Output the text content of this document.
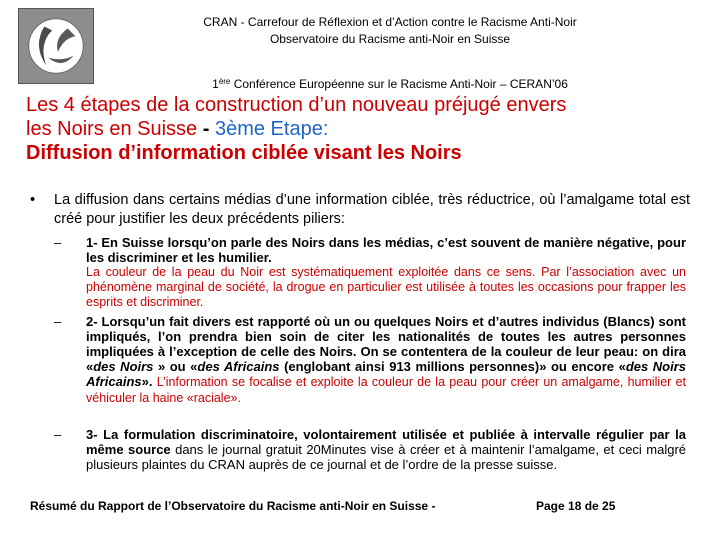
CRAN - Carrefour de Réflexion et d’Action contre le Racisme Anti-Noir
Observatoire du Racisme anti-Noir en Suisse
1ère Conférence Européenne sur le Racisme Anti-Noir – CERAN’06
Les 4 étapes de la construction d’un nouveau préjugé envers
les Noirs en Suisse - 3ème Etape:
Diffusion d’information ciblée visant les Noirs
• La diffusion dans certains médias d’une information ciblée, très réductrice, où l’amalgame total est créé pour justifier les deux précédents piliers:
–	1- En Suisse lorsqu’on parle des Noirs dans les médias, c’est souvent de manière négative, pour les discriminer et les humilier.
La couleur de la peau du Noir est systématiquement exploitée dans ce sens. Par l’association avec un phénomène marginal de société, la drogue en particulier est utilisée à toutes les occasions pour frapper les esprits et discriminer.
–	2- Lorsqu’un fait divers est rapporté où un ou quelques Noirs et d’autres individus (Blancs) sont impliqués, l’on prendra bien soin de citer les nationalités de toutes les autres personnes impliquées à l’exception de celle des Noirs. On se contentera de la couleur de leur peau: on dira «des Noirs » ou «des Africains (englobant ainsi 913 millions personnes)» ou encore «des Noirs Africains». L’information se focalise et exploite la couleur de la peau pour créer un amalgame, humilier et véhiculer la haine «raciale».
–	3- La formulation discriminatoire, volontairement utilisée et publiée à intervalle régulier par la même source dans le journal gratuit 20Minutes vise à créer et à maintenir l’amalgame, et ceci malgré plusieurs plaintes du CRAN auprès de ce journal et de l’ordre de la presse suisse.
Résumé du Rapport de l’Observatoire du Racisme anti-Noir en Suisse -	Page 18 de 25
